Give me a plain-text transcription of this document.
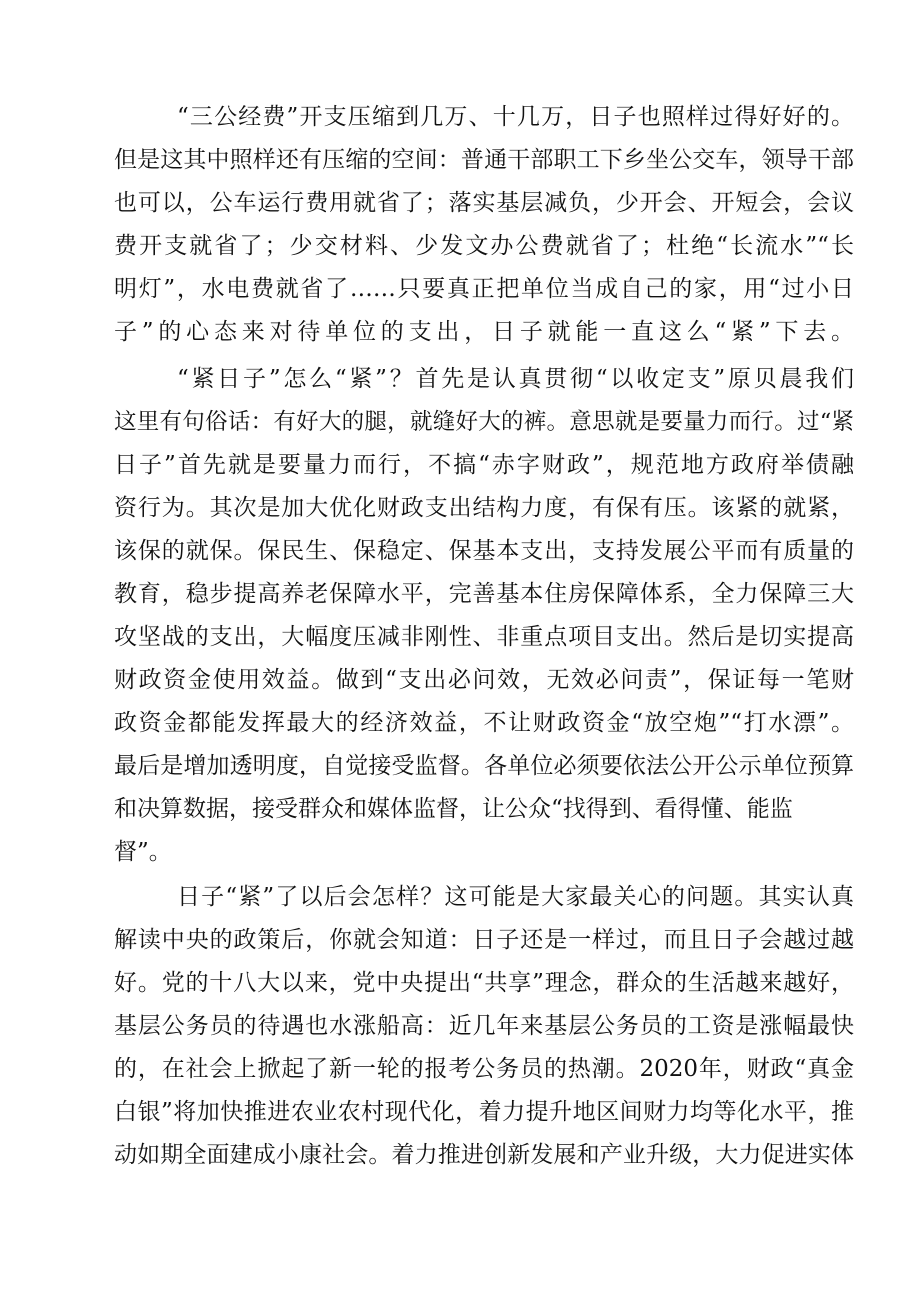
“三公经费”开支压缩到几万、十几万，日子也照样过得好好的。

但是这其中照样还有压缩的空间：普通干部职工下乡坐公交车，领导干部

也可以，公车运行费用就省了；落实基层减负，少开会、开短会，会议

费开支就省了；少交材料、少发文办公费就省了；杜绝“长流水”“长

明灯”，水电费就省了……只要真正把单位当成自己的家，用“过小日

子”的心态来对待单位的支出，日子就能一直这么“紧”下去。

“紧日子”怎么“紧”？首先是认真贯彻“以收定支”原贝晨我们

这里有句俗话：有好大的腿，就缝好大的裤。意思就是要量力而行。过“紧

日子”首先就是要量力而行，不搞“赤字财政”，规范地方政府举债融

资行为。其次是加大优化财政支出结构力度，有保有压。该紧的就紧，

该保的就保。保民生、保稳定、保基本支出，支持发展公平而有质量的

教育，稳步提高养老保障水平，完善基本住房保障体系，全力保障三大

攻坚战的支出，大幅度压减非刚性、非重点项目支出。然后是切实提高

财政资金使用效益。做到“支出必问效，无效必问责”，保证每一笔财

政资金都能发挥最大的经济效益，不让财政资金“放空炮”“打水漂”。

最后是增加透明度，自觉接受监督。各单位必须要依法公开公示单位预算

和决算数据，接受群众和媒体监督，让公众“找得到、看得懂、能监

督”。

日子“紧”了以后会怎样？这可能是大家最关心的问题。其实认真

解读中央的政策后，你就会知道：日子还是一样过，而且日子会越过越

好。党的十八大以来，党中央提出“共享”理念，群众的生活越来越好，

基层公务员的待遇也水涨船高：近几年来基层公务员的工资是涨幅最快

的，在社会上掀起了新一轮的报考公务员的热潮。2020年，财政“真金

白银”将加快推进农业农村现代化，着力提升地区间财力均等化水平，推

动如期全面建成小康社会。着力推进创新发展和产业升级，大力促进实体
